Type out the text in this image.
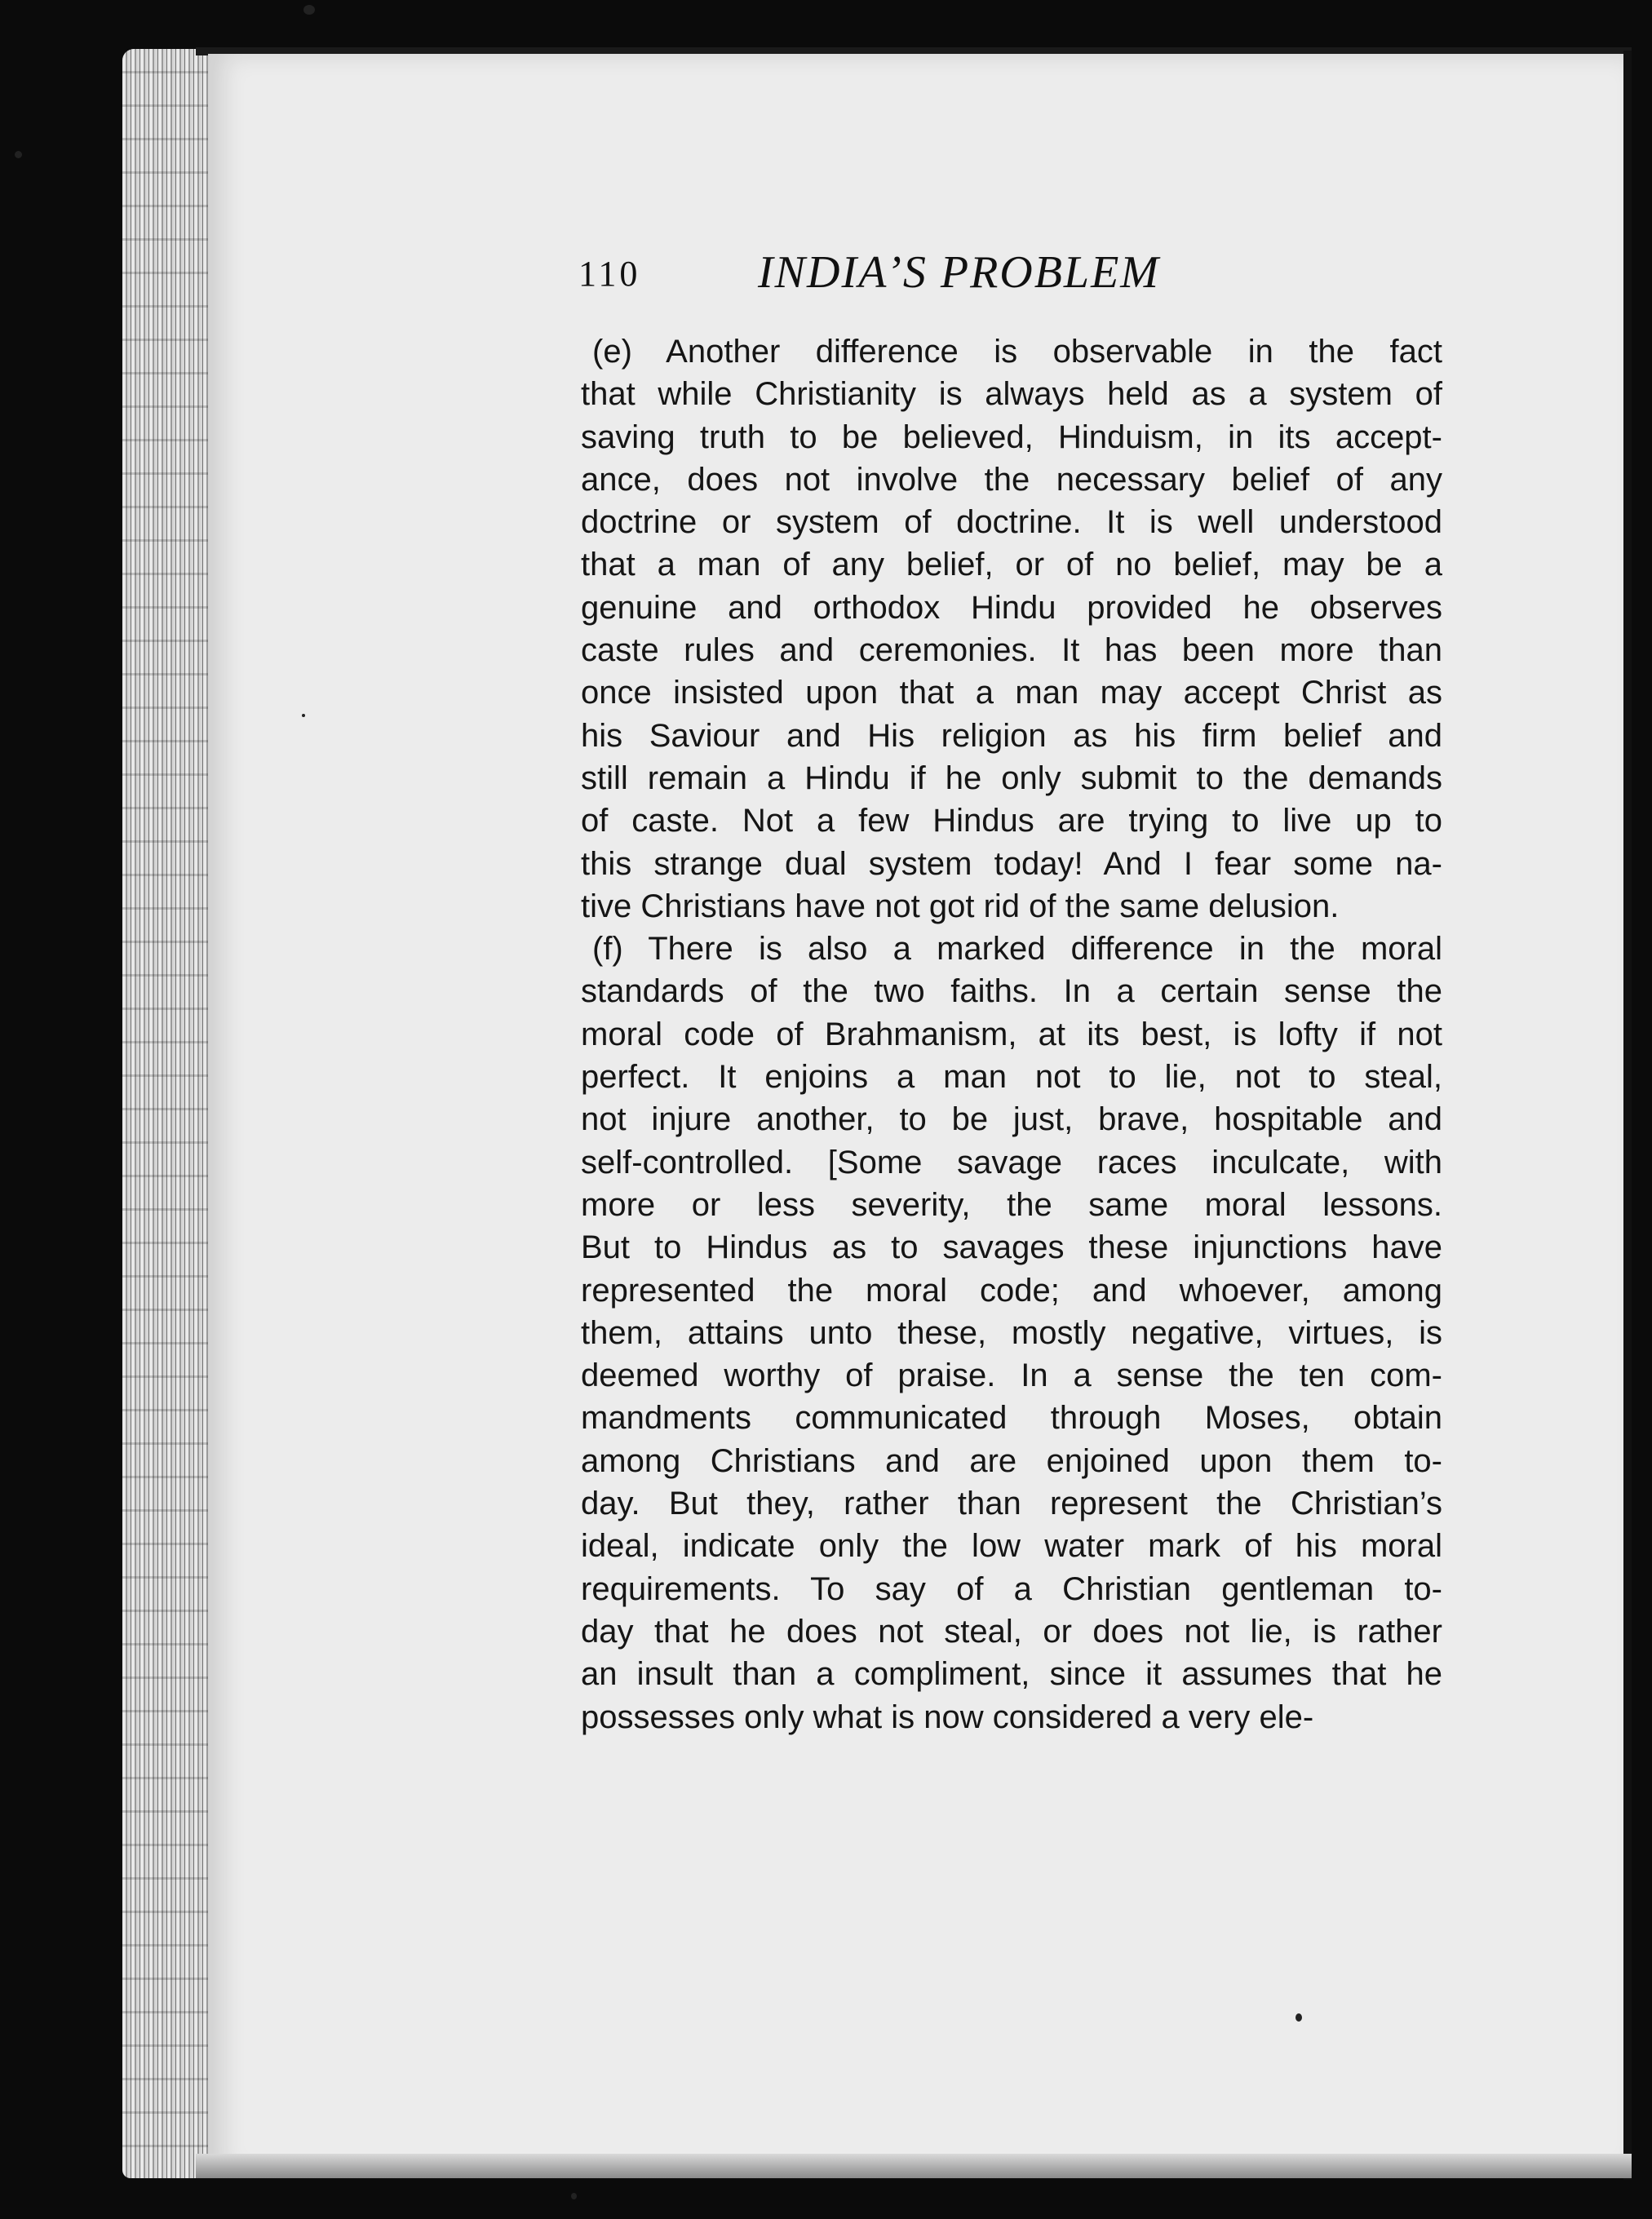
110	INDIA’S PROBLEM
(e) Another difference is observable in the fact
that while Christianity is always held as a system of
saving truth to be believed, Hinduism, in its accept-
ance, does not involve the necessary belief of any
doctrine or system of doctrine. It is well understood
that a man of any belief, or of no belief, may be a
genuine and orthodox Hindu provided he observes
caste rules and ceremonies. It has been more than
once insisted upon that a man may accept Christ as
his Saviour and His religion as his firm belief and
still remain a Hindu if he only submit to the demands
of caste. Not a few Hindus are trying to live up to
this strange dual system today! And I fear some na-
tive Christians have not got rid of the same delusion.
(f) There is also a marked difference in the moral
standards of the two faiths. In a certain sense the
moral code of Brahmanism, at its best, is lofty if not
perfect. It enjoins a man not to lie, not to steal,
not injure another, to be just, brave, hospitable and
self-controlled. [Some savage races inculcate, with
more or less severity, the same moral lessons.
But to Hindus as to savages these injunctions have
represented the moral code; and whoever, among
them, attains unto these, mostly negative, virtues, is
deemed worthy of praise. In a sense the ten com-
mandments communicated through Moses, obtain
among Christians and are enjoined upon them to-
day. But they, rather than represent the Christian’s
ideal, indicate only the low water mark of his moral
requirements. To say of a Christian gentleman to-
day that he does not steal, or does not lie, is rather
an insult than a compliment, since it assumes that he
possesses only what is now considered a very ele-
